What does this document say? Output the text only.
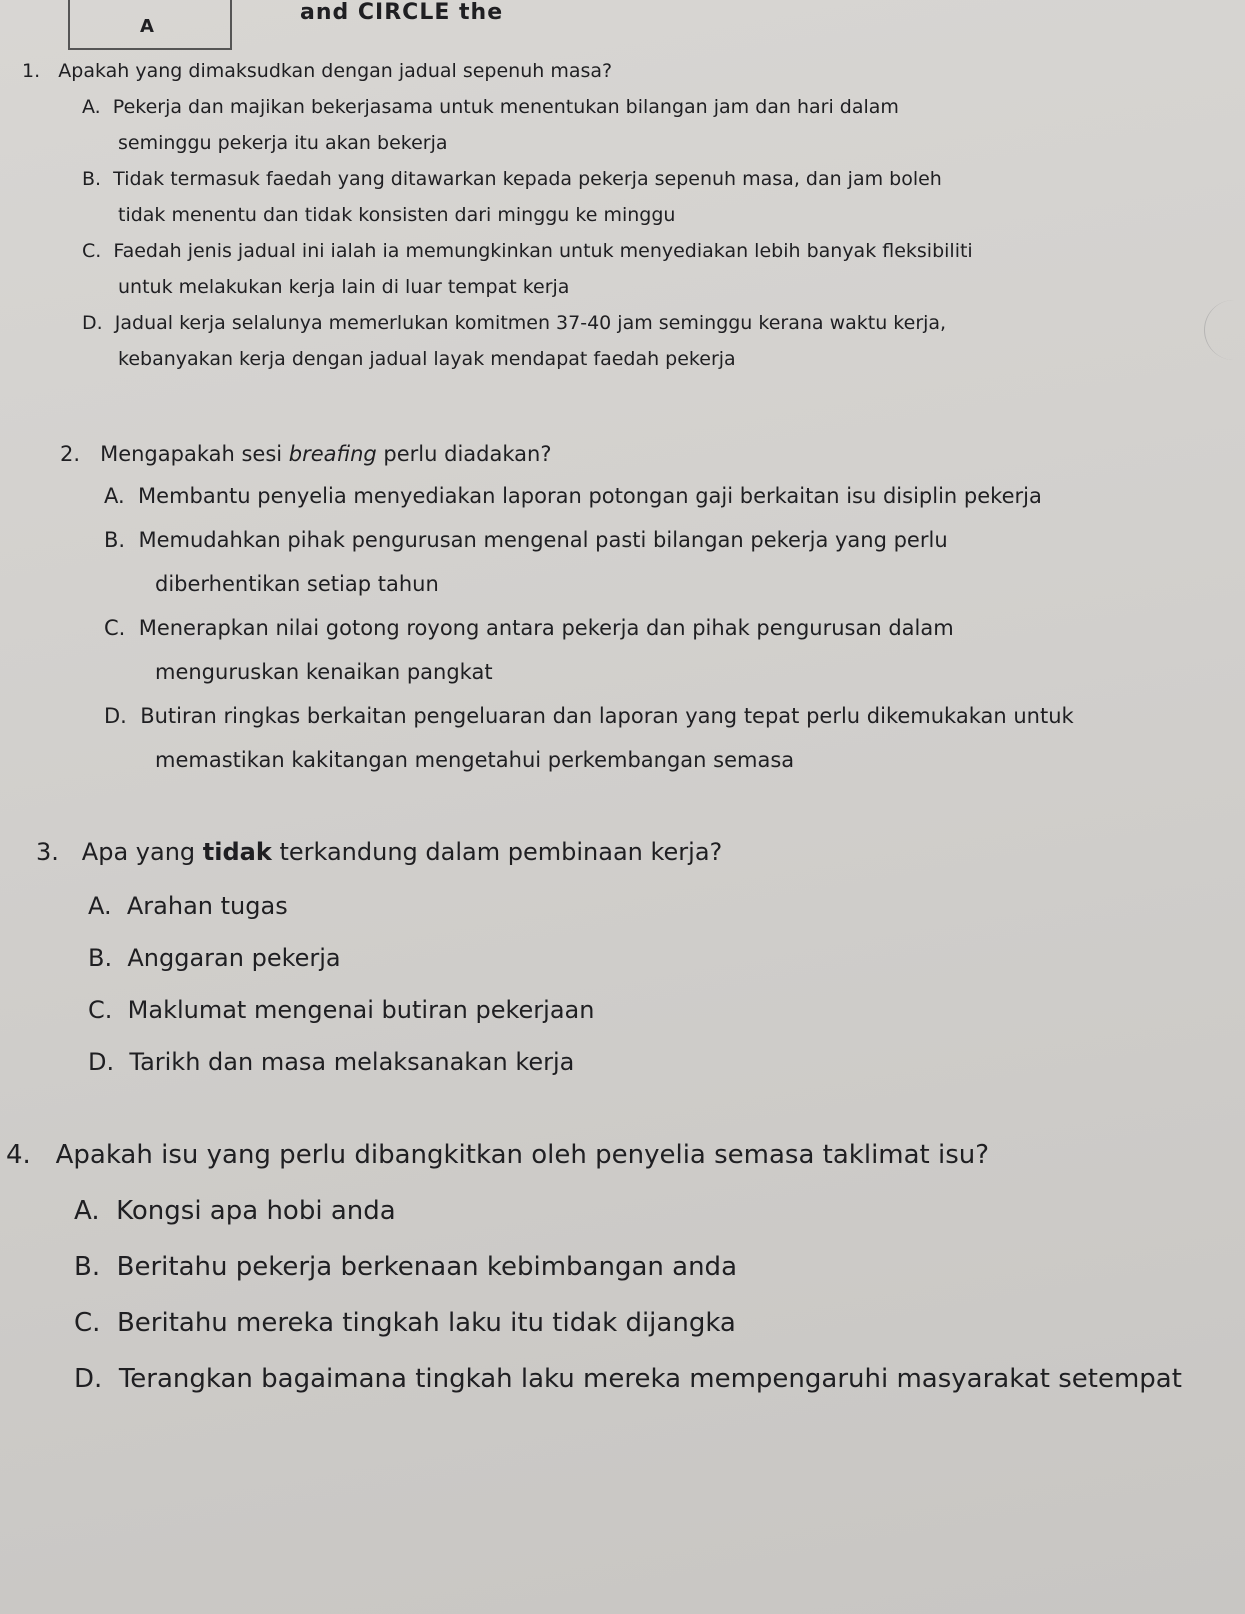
A
and CIRCLE the
1. Apakah yang dimaksudkan dengan jadual sepenuh masa?
A. Pekerja dan majikan bekerjasama untuk menentukan bilangan jam dan hari dalam
seminggu pekerja itu akan bekerja
B. Tidak termasuk faedah yang ditawarkan kepada pekerja sepenuh masa, dan jam boleh
tidak menentu dan tidak konsisten dari minggu ke minggu
C. Faedah jenis jadual ini ialah ia memungkinkan untuk menyediakan lebih banyak fleksibiliti
untuk melakukan kerja lain di luar tempat kerja
D. Jadual kerja selalunya memerlukan komitmen 37-40 jam seminggu kerana waktu kerja,
kebanyakan kerja dengan jadual layak mendapat faedah pekerja
2. Mengapakah sesi breafing perlu diadakan?
A. Membantu penyelia menyediakan laporan potongan gaji berkaitan isu disiplin pekerja
B. Memudahkan pihak pengurusan mengenal pasti bilangan pekerja yang perlu
diberhentikan setiap tahun
C. Menerapkan nilai gotong royong antara pekerja dan pihak pengurusan dalam
menguruskan kenaikan pangkat
D. Butiran ringkas berkaitan pengeluaran dan laporan yang tepat perlu dikemukakan untuk
memastikan kakitangan mengetahui perkembangan semasa
3. Apa yang tidak terkandung dalam pembinaan kerja?
A. Arahan tugas
B. Anggaran pekerja
C. Maklumat mengenai butiran pekerjaan
D. Tarikh dan masa melaksanakan kerja
4. Apakah isu yang perlu dibangkitkan oleh penyelia semasa taklimat isu?
A. Kongsi apa hobi anda
B. Beritahu pekerja berkenaan kebimbangan anda
C. Beritahu mereka tingkah laku itu tidak dijangka
D. Terangkan bagaimana tingkah laku mereka mempengaruhi masyarakat setempat
